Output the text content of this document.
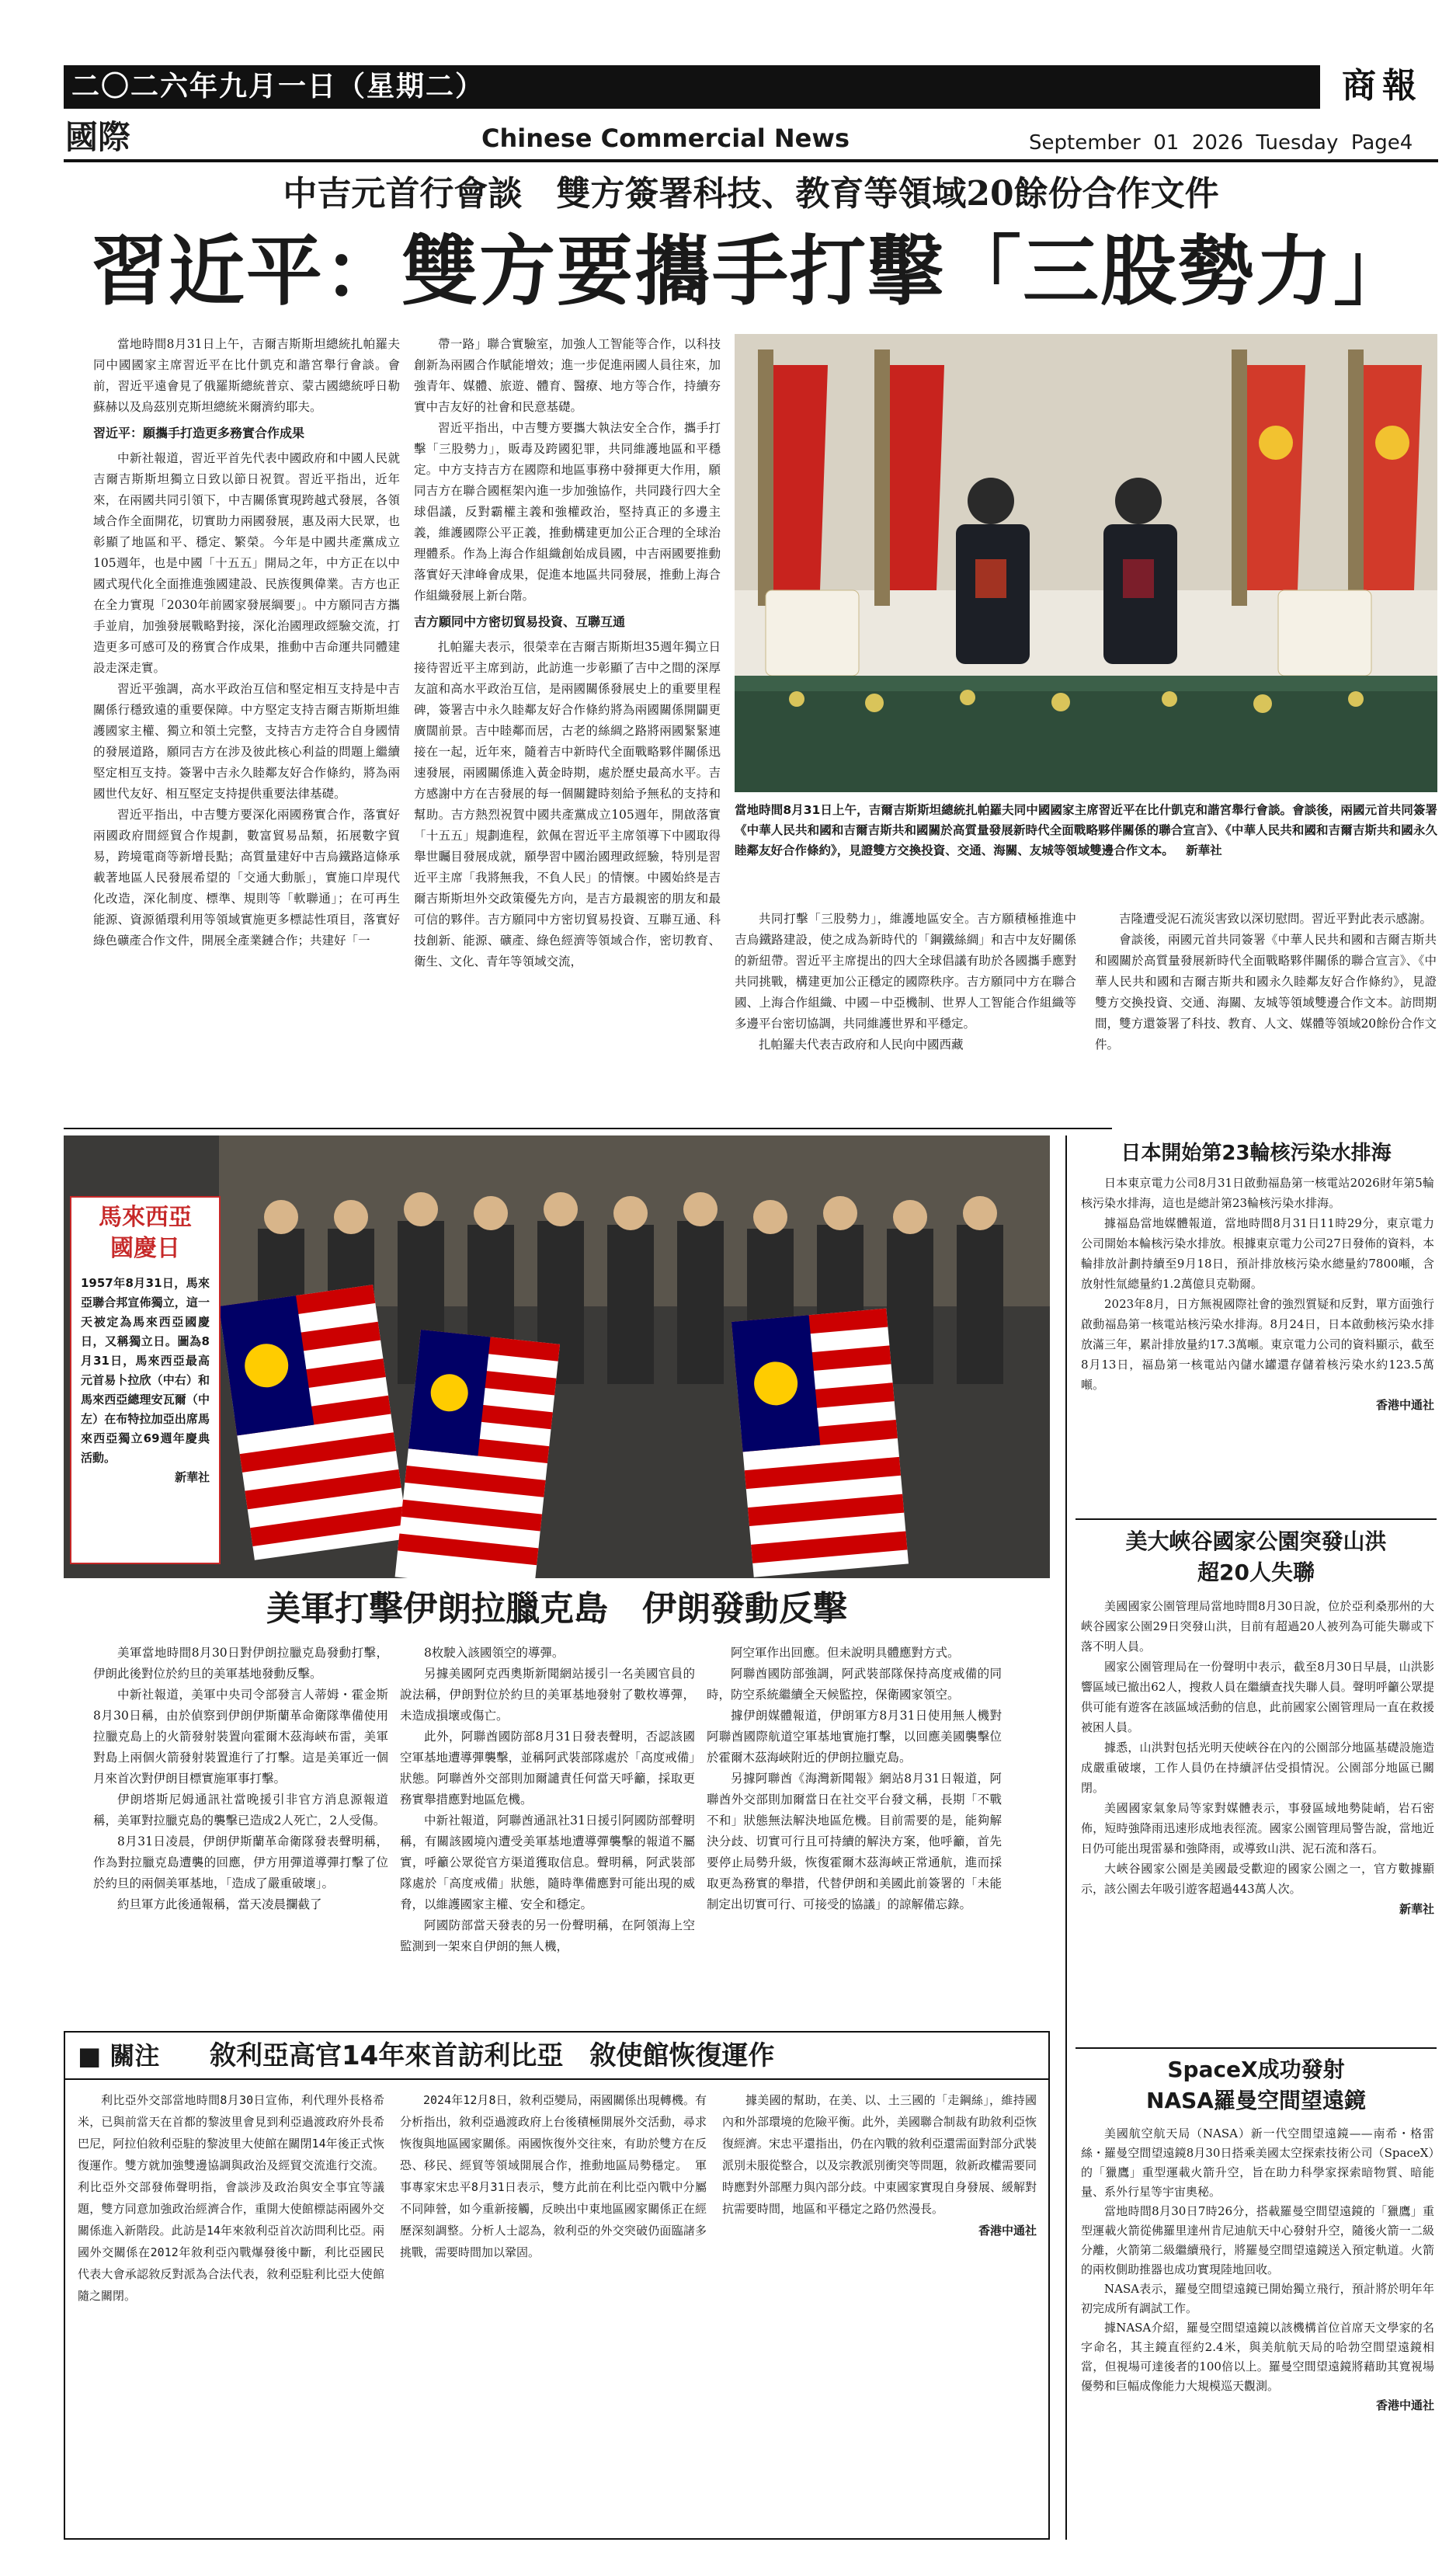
二〇二六年九月一日（星期二）	商報
國際	Chinese Commercial News	September  01  2026  Tuesday  Page4
中吉元首行會談　雙方簽署科技、教育等領域20餘份合作文件
習近平：雙方要攜手打擊「三股勢力」

當地時間8月31日上午，吉爾吉斯斯坦總統扎帕羅夫同中國國家主席習近平在比什凱克和諧宮舉行會談。會前，習近平遠會見了俄羅斯總統普京、蒙古國總統呼日勒蘇赫以及烏茲別克斯坦總統米爾濟約耶夫。

習近平：願攜手打造更多務實合作成果

中新社報道，習近平首先代表中國政府和中國人民就吉爾吉斯斯坦獨立日致以節日祝賀。習近平指出，近年來，在兩國共同引領下，中吉關係實現跨越式發展，各領域合作全面開花，切實助力兩國發展，惠及兩大民眾，也彰顯了地區和平、穩定、繁榮。今年是中國共產黨成立105週年，也是中國「十五五」開局之年，中方正在以中國式現代化全面推進強國建設、民族復興偉業。吉方也正在全力實現「2030年前國家發展綱要」。中方願同吉方攜手並肩，加強發展戰略對接，深化治國理政經驗交流，打造更多可感可及的務實合作成果，推動中吉命運共同體建設走深走實。

習近平強調，高水平政治互信和堅定相互支持是中吉關係行穩致遠的重要保障。中方堅定支持吉爾吉斯斯坦維護國家主權、獨立和領土完整，支持吉方走符合自身國情的發展道路，願同吉方在涉及彼此核心利益的問題上繼續堅定相互支持。簽署中吉永久睦鄰友好合作條約，將為兩國世代友好、相互堅定支持提供重要法律基礎。

習近平指出，中吉雙方要深化兩國務實合作，落實好兩國政府間經貿合作規劃，數富貿易品類，拓展數字貿易，跨境電商等新增長點；高質量建好中吉烏鐵路這條承載著地區人民發展希望的「交通大動脈」，實施口岸現代化改造，深化制度、標準、規則等「軟聯通」；在可再生能源、資源循環利用等領域實施更多標誌性項目，落實好綠色礦產合作文件，開展全產業鏈合作；共建好「一

帶一路」聯合實驗室，加強人工智能等合作，以科技創新為兩國合作賦能增效；進一步促進兩國人員往來，加強青年、媒體、旅遊、體育、醫療、地方等合作，持續夯實中吉友好的社會和民意基礎。

習近平指出，中吉雙方要攜大執法安全合作，攜手打擊「三股勢力」，販毒及跨國犯罪，共同維護地區和平穩定。中方支持吉方在國際和地區事務中發揮更大作用，願同吉方在聯合國框架內進一步加強協作，共同踐行四大全球倡議，反對霸權主義和強權政治，堅持真正的多邊主義，維護國際公平正義，推動構建更加公正合理的全球治理體系。作為上海合作組織創始成員國，中吉兩國要推動落實好天津峰會成果，促進本地區共同發展，推動上海合作組織發展上新台階。

吉方願同中方密切貿易投資、互聯互通

扎帕羅夫表示，很榮幸在吉爾吉斯斯坦35週年獨立日接待習近平主席到訪，此訪進一步彰顯了吉中之間的深厚友誼和高水平政治互信，是兩國關係發展史上的重要里程碑，簽署吉中永久睦鄰友好合作條約將為兩國關係開闢更廣闊前景。吉中睦鄰而居，古老的絲綢之路將兩國緊緊連接在一起，近年來，隨着吉中新時代全面戰略夥伴關係迅速發展，兩國關係進入黃金時期，處於歷史最高水平。吉方感謝中方在吉發展的每一個關鍵時刻給予無私的支持和幫助。吉方熱烈祝賀中國共產黨成立105週年，開啟落實「十五五」規劃進程，欽佩在習近平主席領導下中國取得舉世矚目發展成就，願學習中國治國理政經驗，特別是習近平主席「我將無我，不負人民」的情懷。中國始終是吉爾吉斯斯坦外交政策優先方向，是吉方最親密的朋友和最可信的夥伴。吉方願同中方密切貿易投資、互聯互通、科技創新、能源、礦產、綠色經濟等領域合作，密切教育、衛生、文化、青年等領域交流，

當地時間8月31日上午，吉爾吉斯斯坦總統扎帕羅夫同中國國家主席習近平在比什凱克和諧宮舉行會談。會談後，兩國元首共同簽署《中華人民共和國和吉爾吉斯共和國關於高質量發展新時代全面戰略夥伴關係的聯合宣言》、《中華人民共和國和吉爾吉斯共和國永久睦鄰友好合作條約》，見證雙方交換投資、交通、海關、友城等領域雙邊合作文本。 新華社

共同打擊「三股勢力」，維護地區安全。吉方願積極推進中吉烏鐵路建設，使之成為新時代的「鋼鐵絲綢」和吉中友好關係的新紐帶。習近平主席提出的四大全球倡議有助於各國攜手應對共同挑戰，構建更加公正穩定的國際秩序。吉方願同中方在聯合國、上海合作組織、中國－中亞機制、世界人工智能合作組織等多邊平台密切協調，共同維護世界和平穩定。

扎帕羅夫代表吉政府和人民向中國西藏

吉隆遭受泥石流災害致以深切慰問。習近平對此表示感謝。

會談後，兩國元首共同簽署《中華人民共和國和吉爾吉斯共和國關於高質量發展新時代全面戰略夥伴關係的聯合宣言》、《中華人民共和國和吉爾吉斯共和國永久睦鄰友好合作條約》，見證雙方交換投資、交通、海關、友城等領域雙邊合作文本。訪問期間，雙方還簽署了科技、教育、人文、媒體等領域20餘份合作文件。

馬來西亞
國慶日
1957年8月31日，馬來亞聯合邦宣佈獨立，這一天被定為馬來西亞國慶日，又稱獨立日。圖為8月31日，馬來西亞最高元首易卜拉欣（中右）和馬來西亞總理安瓦爾（中左）在布特拉加亞出席馬來西亞獨立69週年慶典活動。
新華社
美軍打擊伊朗拉臘克島　伊朗發動反擊

美軍當地時間8月30日對伊朗拉臘克島發動打擊，伊朗此後對位於約旦的美軍基地發動反擊。

中新社報道，美軍中央司令部發言人蒂姆・霍金斯8月30日稱，由於偵察到伊朗伊斯蘭革命衛隊準備使用拉臘克島上的火箭發射裝置向霍爾木茲海峽布雷，美軍對島上兩個火箭發射裝置進行了打擊。這是美軍近一個月來首次對伊朗目標實施軍事打擊。

伊朗塔斯尼姆通訊社當晚援引非官方消息源報道稱，美軍對拉臘克島的襲擊已造成2人死亡，2人受傷。

8月31日凌晨，伊朗伊斯蘭革命衛隊發表聲明稱，作為對拉臘克島遭襲的回應，伊方用彈道導彈打擊了位於約旦的兩個美軍基地，「造成了嚴重破壞」。

約旦軍方此後通報稱，當天凌晨攔截了

8枚駛入該國領空的導彈。

另據美國阿克西奧斯新聞網站援引一名美國官員的說法稱，伊朗對位於約旦的美軍基地發射了數枚導彈，未造成損壞或傷亡。

此外，阿聯酋國防部8月31日發表聲明，否認該國空軍基地遭導彈襲擊，並稱阿武裝部隊處於「高度戒備」狀態。阿聯酋外交部則加爾譴責任何當天呼籲，採取更務實舉措應對地區危機。

中新社報道，阿聯酋通訊社31日援引阿國防部聲明稱，有關該國境內遭受美軍基地遭導彈襲擊的報道不屬實，呼籲公眾從官方渠道獲取信息。聲明稱，阿武裝部隊處於「高度戒備」狀態，隨時準備應對可能出現的威脅，以維護國家主權、安全和穩定。

阿國防部當天發表的另一份聲明稱，在阿領海上空監測到一架來自伊朗的無人機，

阿空軍作出回應。但未說明具體應對方式。

阿聯酋國防部強調，阿武裝部隊保持高度戒備的同時，防空系統繼續全天候監控，保衛國家領空。

據伊朗媒體報道，伊朗軍方8月31日使用無人機對阿聯酋國際航道空軍基地實施打擊，以回應美國襲擊位於霍爾木茲海峽附近的伊朗拉臘克島。

另據阿聯酋《海灣新聞報》網站8月31日報道，阿聯酋外交部則加爾當日在社交平台發文稱，長期「不戰不和」狀態無法解決地區危機。目前需要的是，能夠解決分歧、切實可行且可持續的解決方案，他呼籲，首先要停止局勢升級，恢復霍爾木茲海峽正常通航，進而採取更為務實的舉措，代替伊朗和美國此前簽署的「未能制定出切實可行、可接受的協議」的諒解備忘錄。

■ 關注 敘利亞高官14年來首訪利比亞　敘使館恢復運作

利比亞外交部當地時間8月30日宣佈，利代理外長格希米，已與前當天在首都的黎波里會見到利亞過渡政府外長希巴尼，阿拉伯敘利亞駐的黎波里大使館在關閉14年後正式恢復運作。雙方就加強雙邊協調與政治及經貿交流進行交流。利比亞外交部發佈聲明指，會談涉及政治與安全事宜等議題，雙方同意加強政治經濟合作，重開大使館標誌兩國外交關係進入新階段。此訪是14年來敘利亞首次訪問利比亞。兩國外交關係在2012年敘利亞內戰爆發後中斷，利比亞國民代表大會承認敘反對派為合法代表，敘利亞駐利比亞大使館隨之關閉。

2024年12月8日，敘利亞變局，兩國關係出現轉機。有分析指出，敘利亞過渡政府上台後積極開展外交活動，尋求恢復與地區國家關係。兩國恢復外交往來，有助於雙方在反恐、移民、經貿等領域開展合作，推動地區局勢穩定。 軍事專家宋忠平8月31日表示，雙方此前在利比亞內戰中分屬不同陣營，如今重新接觸，反映出中東地區國家關係正在經歷深刻調整。分析人士認為，敘利亞的外交突破仍面臨諸多挑戰，需要時間加以鞏固。

據美國的幫助，在美、以、土三國的「走鋼絲」，維持國內和外部環境的危險平衡。此外，美國聯合制裁有助敘利亞恢復經濟。宋忠平還指出，仍在內戰的敘利亞還需面對部分武裝派別未服從整合，以及宗教派別衝突等問題，敘新政權需要同時應對外部壓力與內部分歧。中東國家實現自身發展、緩解對抗需要時間，地區和平穩定之路仍然漫長。

香港中通社
日本開始第23輪核污染水排海

日本東京電力公司8月31日啟動福島第一核電站2026財年第5輪核污染水排海，這也是總計第23輪核污染水排海。

據福島當地媒體報道，當地時間8月31日11時29分，東京電力公司開始本輪核污染水排放。根據東京電力公司27日發佈的資料，本輪排放計劃持續至9月18日，預計排放核污染水總量約7800噸，含放射性氚總量約1.2萬億貝克勒爾。

2023年8月，日方無視國際社會的強烈質疑和反對，單方面強行啟動福島第一核電站核污染水排海。8月24日，日本啟動核污染水排放滿三年，累計排放量約17.3萬噸。東京電力公司的資料顯示，截至8月13日，福島第一核電站內儲水罐還存儲着核污染水約123.5萬噸。

香港中通社
美大峽谷國家公園突發山洪
超20人失聯

美國國家公園管理局當地時間8月30日說，位於亞利桑那州的大峽谷國家公園29日突發山洪，目前有超過20人被列為可能失聯或下落不明人員。

國家公園管理局在一份聲明中表示，截至8月30日早晨，山洪影響區域已撤出62人，搜救人員在繼續查找失聯人員。聲明呼籲公眾提供可能有遊客在該區域活動的信息，此前國家公園管理局一直在救援被困人員。

據悉，山洪對包括光明天使峽谷在內的公園部分地區基礎設施造成嚴重破壞，工作人員仍在持續評估受損情況。公園部分地區已關閉。

美國國家氣象局等家對媒體表示，事發區域地勢陡峭，岩石密佈，短時強降雨迅速形成地表徑流。國家公園管理局警告說，當地近日仍可能出現雷暴和強降雨，或導致山洪、泥石流和落石。

大峽谷國家公園是美國最受歡迎的國家公園之一，官方數據顯示，該公園去年吸引遊客超過443萬人次。

新華社
SpaceX成功發射
NASA羅曼空間望遠鏡

美國航空航天局（NASA）新一代空間望遠鏡——南希・格雷絲・羅曼空間望遠鏡8月30日搭乘美國太空探索技術公司（SpaceX）的「獵鷹」重型運載火箭升空，旨在助力科學家探索暗物質、暗能量、系外行星等宇宙奧秘。

當地時間8月30日7時26分，搭載羅曼空間望遠鏡的「獵鷹」重型運載火箭從佛羅里達州肯尼迪航天中心發射升空，隨後火箭一二級分離，火箭第二級繼續飛行，將羅曼空間望遠鏡送入預定軌道。火箭的兩枚側助推器也成功實現陸地回收。

NASA表示，羅曼空間望遠鏡已開始獨立飛行，預計將於明年年初完成所有調試工作。

據NASA介紹，羅曼空間望遠鏡以該機構首位首席天文學家的名字命名，其主鏡直徑約2.4米，與美航航天局的哈勃空間望遠鏡相當，但視場可達後者的100倍以上。羅曼空間望遠鏡將藉助其寬視場優勢和巨幅成像能力大規模巡天觀測。

香港中通社
